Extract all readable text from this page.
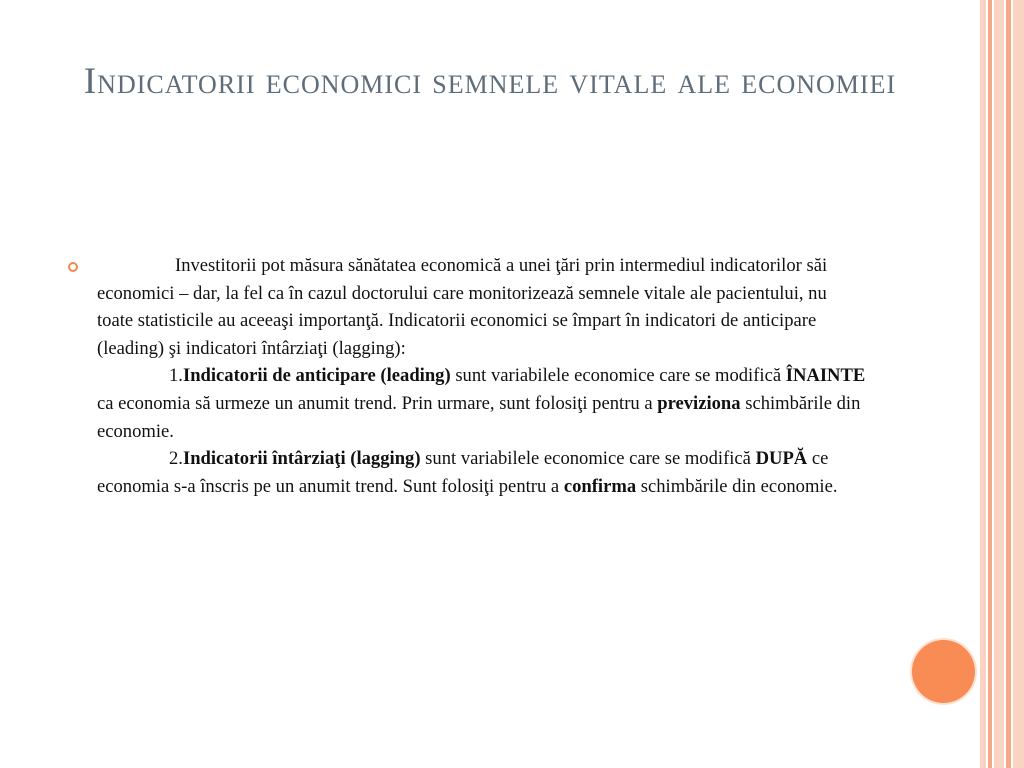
Indicatorii economici semnele vitale ale economiei

Investitorii pot măsura sănătatea economică a unei ţări prin intermediul indicatorilor săi economici – dar, la fel ca în cazul doctorului care monitorizează semnele vitale ale pacientului, nu toate statisticile au aceeaşi importanţă. Indicatorii economici se împart în indicatori de anticipare (leading) şi indicatori întârziaţi (lagging):

1.Indicatorii de anticipare (leading) sunt variabilele economice care se modifică ÎNAINTE ca economia să urmeze un anumit trend. Prin urmare, sunt folosiţi pentru a previziona schimbările din economie.

2.Indicatorii întârziaţi (lagging) sunt variabilele economice care se modifică DUPĂ ce economia s-a înscris pe un anumit trend. Sunt folosiţi pentru a confirma schimbările din economie.
